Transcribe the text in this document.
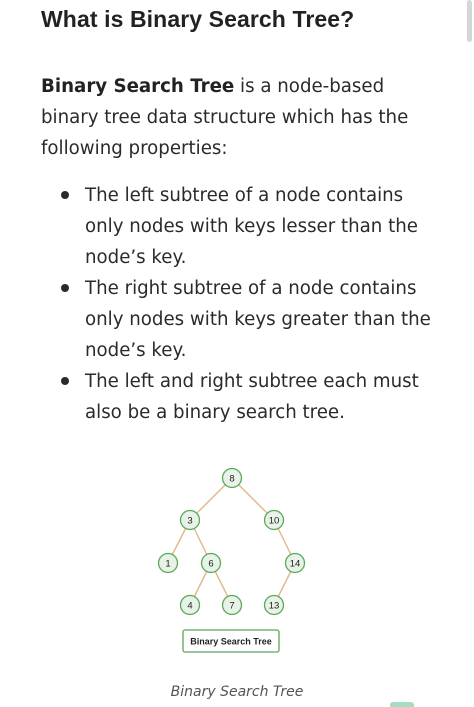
What is Binary Search Tree?

Binary Search Tree is a node-based binary tree data structure which has the following properties:

The left subtree of a node contains only nodes with keys lesser than the node’s key.
The right subtree of a node contains only nodes with keys greater than the node’s key.
The left and right subtree each must also be a binary search tree.
8
3	10
1	6	14
4	7	13
Binary Search Tree
Binary Search Tree
